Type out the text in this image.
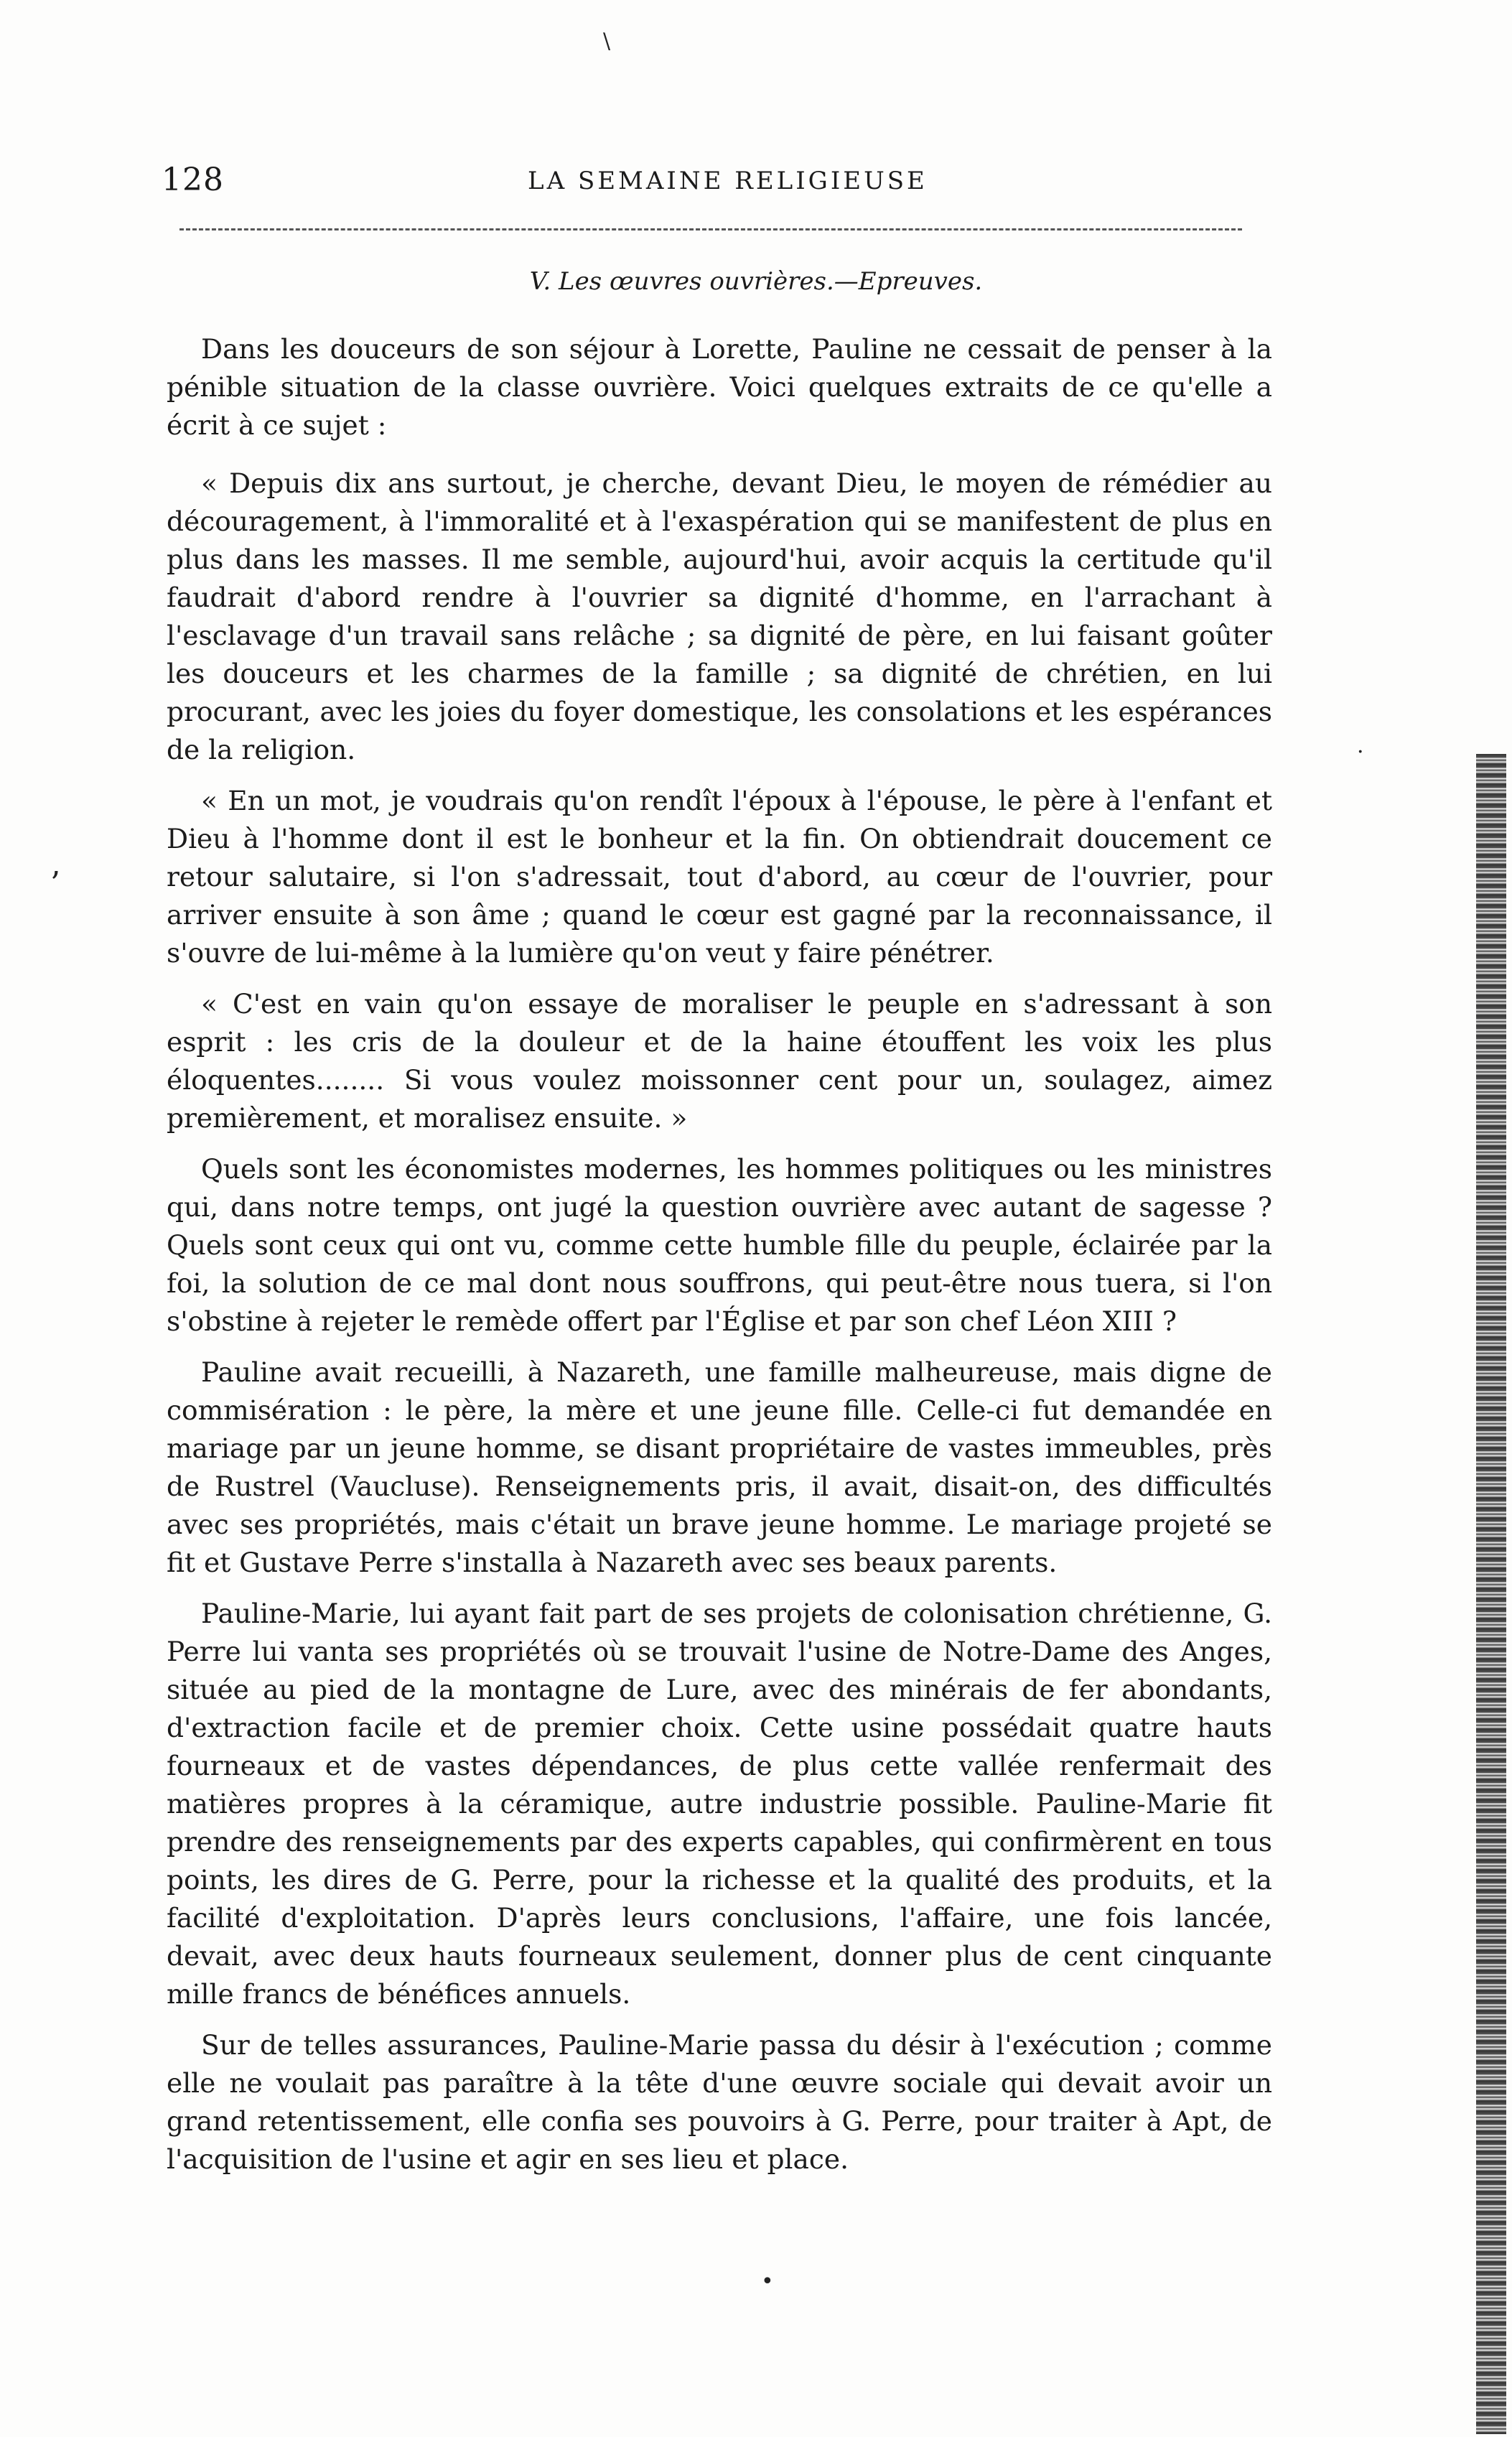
128	LA SEMAINE RELIGIEUSE
V. Les œuvres ouvrières.—Epreuves.

Dans les douceurs de son séjour à Lorette, Pauline ne cessait de penser à la pénible situation de la classe ouvrière. Voici quelques extraits de ce qu'elle a écrit à ce sujet :

« Depuis dix ans surtout, je cherche, devant Dieu, le moyen de rémédier au découragement, à l'immoralité et à l'exaspération qui se manifestent de plus en plus dans les masses. Il me semble, aujourd'hui, avoir acquis la certitude qu'il faudrait d'abord rendre à l'ouvrier sa dignité d'homme, en l'arrachant à l'esclavage d'un travail sans relâche ; sa dignité de père, en lui faisant goûter les douceurs et les charmes de la famille ; sa dignité de chrétien, en lui procurant, avec les joies du foyer domestique, les consolations et les espérances de la religion.

« En un mot, je voudrais qu'on rendît l'époux à l'épouse, le père à l'enfant et Dieu à l'homme dont il est le bonheur et la fin. On obtiendrait doucement ce retour salutaire, si l'on s'adressait, tout d'abord, au cœur de l'ouvrier, pour arriver ensuite à son âme ; quand le cœur est gagné par la reconnaissance, il s'ouvre de lui-même à la lumière qu'on veut y faire pénétrer.

« C'est en vain qu'on essaye de moraliser le peuple en s'adressant à son esprit : les cris de la douleur et de la haine étouffent les voix les plus éloquentes........ Si vous voulez moissonner cent pour un, soulagez, aimez premièrement, et moralisez ensuite. »

Quels sont les économistes modernes, les hommes politiques ou les ministres qui, dans notre temps, ont jugé la question ouvrière avec autant de sagesse ? Quels sont ceux qui ont vu, comme cette humble fille du peuple, éclairée par la foi, la solution de ce mal dont nous souffrons, qui peut-être nous tuera, si l'on s'obstine à rejeter le remède offert par l'Église et par son chef Léon XIII ?

Pauline avait recueilli, à Nazareth, une famille malheureuse, mais digne de commisération : le père, la mère et une jeune fille. Celle-ci fut demandée en mariage par un jeune homme, se disant propriétaire de vastes immeubles, près de Rustrel (Vaucluse). Renseignements pris, il avait, disait-on, des difficultés avec ses propriétés, mais c'était un brave jeune homme. Le mariage projeté se fit et Gustave Perre s'installa à Nazareth avec ses beaux parents.

Pauline-Marie, lui ayant fait part de ses projets de colonisation chrétienne, G. Perre lui vanta ses propriétés où se trouvait l'usine de Notre-Dame des Anges, située au pied de la montagne de Lure, avec des minérais de fer abondants, d'extraction facile et de premier choix. Cette usine possédait quatre hauts fourneaux et de vastes dépendances, de plus cette vallée renfermait des matières propres à la céramique, autre industrie possible. Pauline-Marie fit prendre des renseignements par des experts capables, qui confirmèrent en tous points, les dires de G. Perre, pour la richesse et la qualité des produits, et la facilité d'exploitation. D'après leurs conclusions, l'affaire, une fois lancée, devait, avec deux hauts fourneaux seulement, donner plus de cent cinquante mille francs de bénéfices annuels.

Sur de telles assurances, Pauline-Marie passa du désir à l'exécution ; comme elle ne voulait pas paraître à la tête d'une œuvre sociale qui devait avoir un grand retentissement, elle confia ses pouvoirs à G. Perre, pour traiter à Apt, de l'acquisition de l'usine et agir en ses lieu et place.

\
’
•
·
